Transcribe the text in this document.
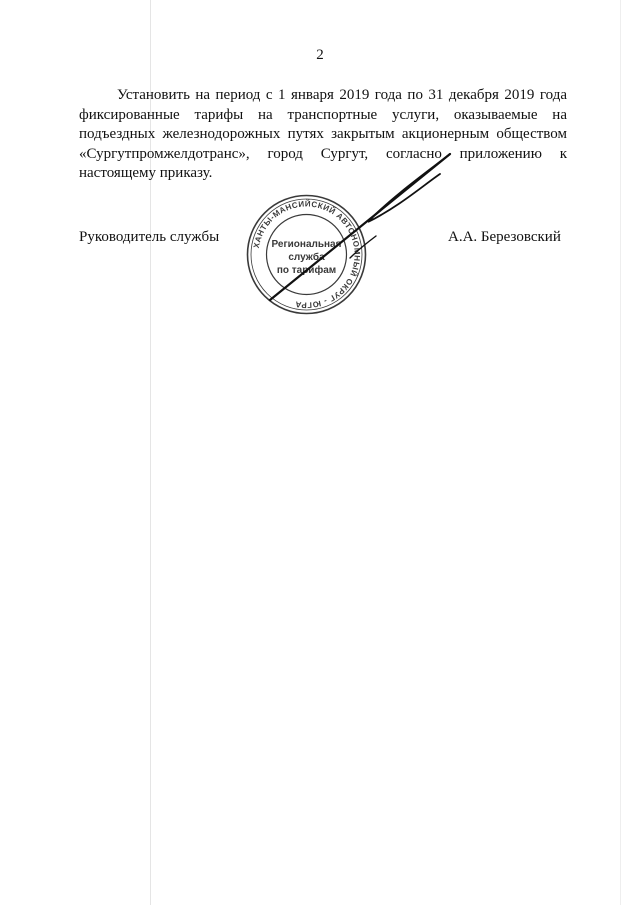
2
Установить на период с 1 января 2019 года по 31 декабря 2019 года
фиксированные тарифы на транспортные услуги, оказываемые на
подъездных железнодорожных путях закрытым акционерным обществом
«Сургутпромжелдотранс», город Сургут, согласно приложению к
настоящему приказу.
Руководитель службы	А.А. Березовский
ХАНТЫ-МАНСИЙСКИЙ АВТОНОМНЫЙ ОКРУГ - ЮГРА
Региональная
служба
по тарифам
